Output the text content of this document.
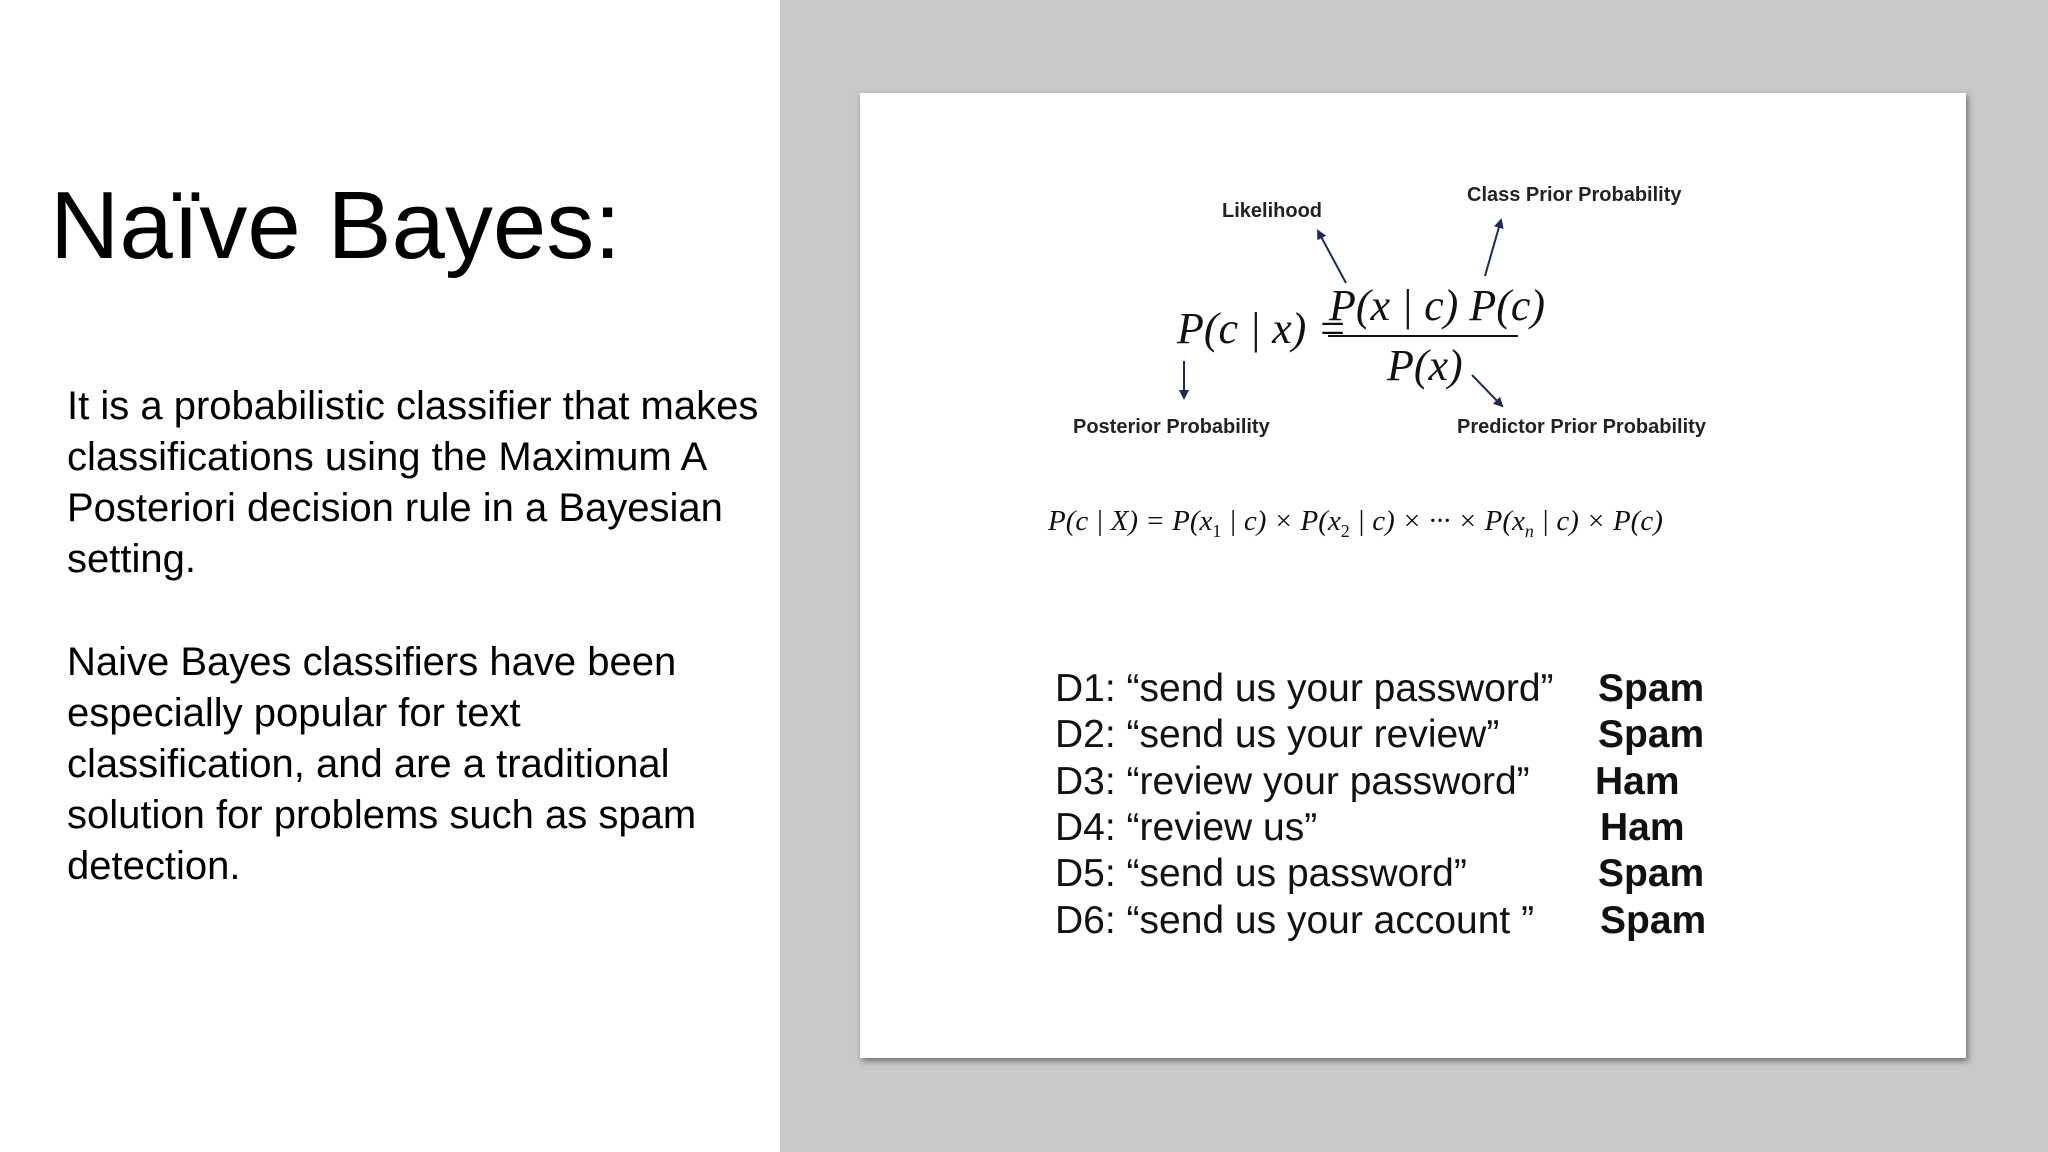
Naïve Bayes:

It is a probabilistic classifier that makes classifications using the Maximum A Posteriori decision rule in a Bayesian setting.

Naive Bayes classifiers have been especially popular for text classification, and are a traditional solution for problems such as spam detection.

Likelihood
Class Prior Probability
Posterior Probability	Predictor Prior Probability
P(c | x) =
P(x | c) P(c)
P(x)
P(c | $X) = P(x_1$ | $c) \times P(x_2$ | c) × ··· × $P(x_n$ | c) × P(c)
D1: “send us your password” Spam
D2: “send us your review”	Spam
D3: “review your password” Ham
D4: “review us”	Ham
D5: “send us password”	Spam
D6: “send us your account ” Spam
